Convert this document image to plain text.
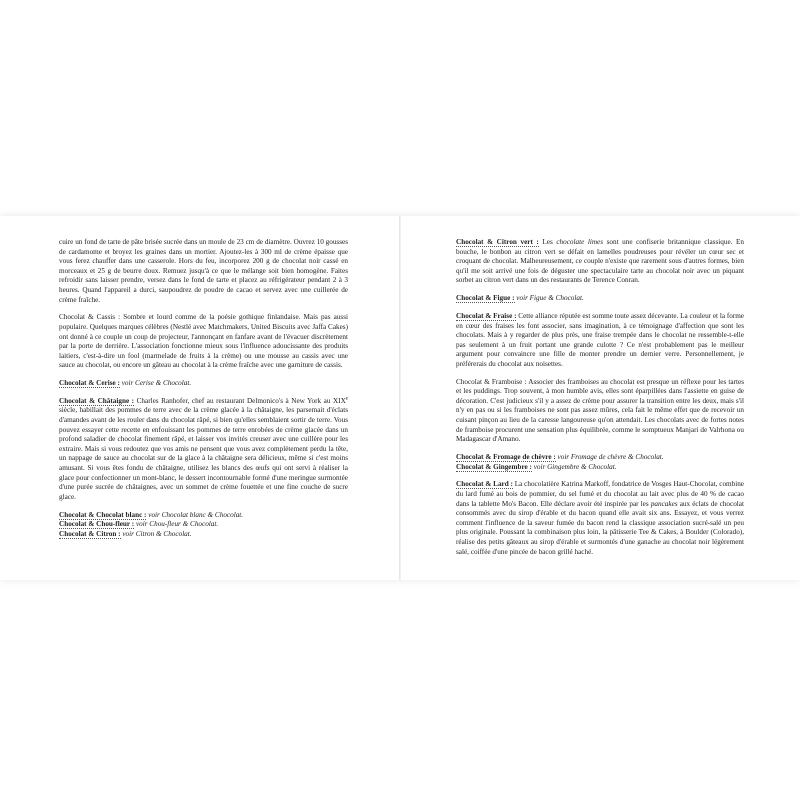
cuire un fond de tarte de pâte brisée sucrée dans un moule de 23 cm de diamètre. Ouvrez 10 gousses de cardamome et broyez les graines dans un mortier. Ajoutez-les à 300 ml de crème épaisse que vous ferez chauffer dans une casserole. Hors du feu, incorporez 200 g de chocolat noir cassé en morceaux et 25 g de beurre doux. Remuez jusqu'à ce que le mélange soit bien homogène. Faites refroidir sans laisser prendre, versez dans le fond de tarte et placez au réfrigérateur pendant 2 à 3 heures. Quand l'appareil a durci, saupoudrez de poudre de cacao et servez avec une cuillerée de crème fraîche.

Chocolat & Cassis : Sombre et lourd comme de la poésie gothique finlandaise. Mais pas aussi populaire. Quelques marques célèbres (Nestlé avec Matchmakers, United Biscuits avec Jaffa Cakes) ont donné à ce couple un coup de projecteur, l'annonçant en fanfare avant de l'évacuer discrètement par la porte de derrière. L'association fonctionne mieux sous l'influence adoucissante des produits laitiers, c'est-à-dire un fool (marmelade de fruits à la crème) ou une mousse au cassis avec une sauce au chocolat, ou encore un gâteau au chocolat à la crème fraîche avec une garniture de cassis.

Chocolat & Cerise : voir Cerise & Chocolat.

Chocolat & Châtaigne : Charles Ranhofer, chef au restaurant Delmonico's à New York au XIXe siècle, habillait des pommes de terre avec de la crème glacée à la châtaigne, les parsemait d'éclats d'amandes avant de les rouler dans du chocolat râpé, si bien qu'elles semblaient sortir de terre. Vous pouvez essayer cette recette en enfouissant les pommes de terre enrobées de crème glacée dans un profond saladier de chocolat finement râpé, et laisser vos invités creuser avec une cuillère pour les extraire. Mais si vous redoutez que vos amis ne pensent que vous avez complètement perdu la tête, un nappage de sauce au chocolat sur de la glace à la châtaigne sera délicieux, même si c'est moins amusant. Si vous êtes fondu de châtaigne, utilisez les blancs des œufs qui ont servi à réaliser la glace pour confectionner un mont-blanc, le dessert incontournable formé d'une meringue surmontée d'une purée sucrée de châtaignes, avec un sommet de crème fouettée et une fine couche de sucre glace.

Chocolat & Chocolat blanc : voir Chocolat blanc & Chocolat.

Chocolat & Chou-fleur : voir Chou-fleur & Chocolat.

Chocolat & Citron : voir Citron & Chocolat.

Chocolat & Citron vert : Les chocolate limes sont une confiserie britannique classique. En bouche, le bonbon au citron vert se défait en lamelles poudreuses pour révéler un cœur sec et croquant de chocolat. Malheureusement, ce couple n'existe que rarement sous d'autres formes, bien qu'il me soit arrivé une fois de déguster une spectaculaire tarte au chocolat noir avec un piquant sorbet au citron vert dans un des restaurants de Terence Conran.

Chocolat & Figue : voir Figue & Chocolat.

Chocolat & Fraise : Cette alliance réputée est somme toute assez décevante. La couleur et la forme en cœur des fraises les font associer, sans imagination, à ce témoignage d'affection que sont les chocolats. Mais à y regarder de plus près, une fraise trempée dans le chocolat ne ressemble-t-elle pas seulement à un fruit portant une grande culotte ? Ce n'est probablement pas le meilleur argument pour convaincre une fille de monter prendre un dernier verre. Personnellement, je préférerais du chocolat aux noisettes.

Chocolat & Framboise : Associer des framboises au chocolat est presque un réflexe pour les tartes et les puddings. Trop souvent, à mon humble avis, elles sont éparpillées dans l'assiette en guise de décoration. C'est judicieux s'il y a assez de crème pour assurer la transition entre les deux, mais s'il n'y en pas ou si les framboises ne sont pas assez mûres, cela fait le même effet que de recevoir un cuisant pinçon au lieu de la caresse langoureuse qu'on attendait. Les chocolats avec de fortes notes de framboise procurent une sensation plus équilibrée, comme le somptueux Manjari de Valrhona ou Madagascar d'Amano.

Chocolat & Fromage de chèvre : voir Fromage de chèvre & Chocolat.

Chocolat & Gingembre : voir Gingembre & Chocolat.

Chocolat & Lard : La chocolatière Katrina Markoff, fondatrice de Vosges Haut-Chocolat, combine du lard fumé au bois de pommier, du sel fumé et du chocolat au lait avec plus de 40 % de cacao dans la tablette Mo's Bacon. Elle déclare avoir été inspirée par les pancakes aux éclats de chocolat consommés avec du sirop d'érable et du bacon quand elle avait six ans. Essayez, et vous verrez comment l'influence de la saveur fumée du bacon rend la classique association sucré-salé un peu plus originale. Poussant la combinaison plus loin, la pâtisserie Tee & Cakes, à Boulder (Colorado), réalise des petits gâteaux au sirop d'érable et surmontés d'une ganache au chocolat noir légèrement salé, coiffée d'une pincée de bacon grillé haché.
